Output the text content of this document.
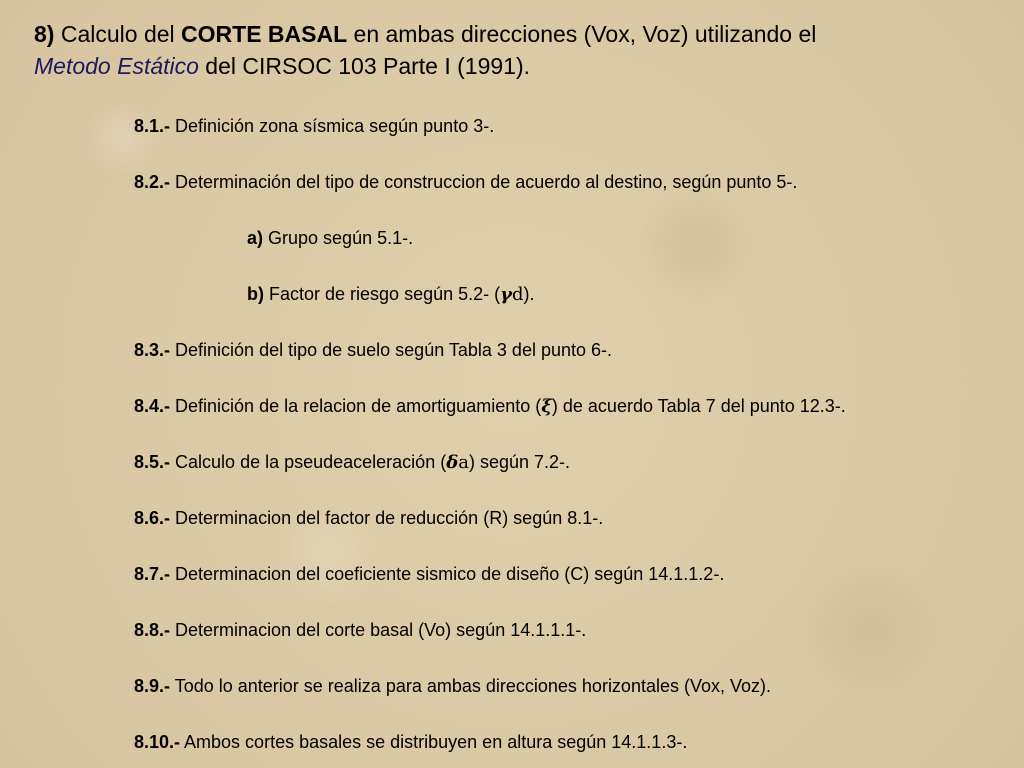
8) Calculo del CORTE BASAL en ambas direcciones (Vox, Voz) utilizando el
Metodo Estático del CIRSOC 103 Parte I (1991).
8.1.- Definición zona sísmica según punto 3-.
8.2.- Determinación del tipo de construccion de acuerdo al destino, según punto 5-.
a) Grupo según 5.1-.
b) Factor de riesgo según 5.2- (γd).
8.3.- Definición del tipo de suelo según Tabla 3 del punto 6-.
8.4.- Definición de la relacion de amortiguamiento (ξ) de acuerdo Tabla 7 del punto 12.3-.
8.5.- Calculo de la pseudeaceleración (δa) según 7.2-.
8.6.- Determinacion del factor de reducción (R) según 8.1-.
8.7.- Determinacion del coeficiente sismico de diseño (C) según 14.1.1.2-.
8.8.- Determinacion del corte basal (Vo) según 14.1.1.1-.
8.9.- Todo lo anterior se realiza para ambas direcciones horizontales (Vox, Voz).
8.10.- Ambos cortes basales se distribuyen en altura según 14.1.1.3-.
